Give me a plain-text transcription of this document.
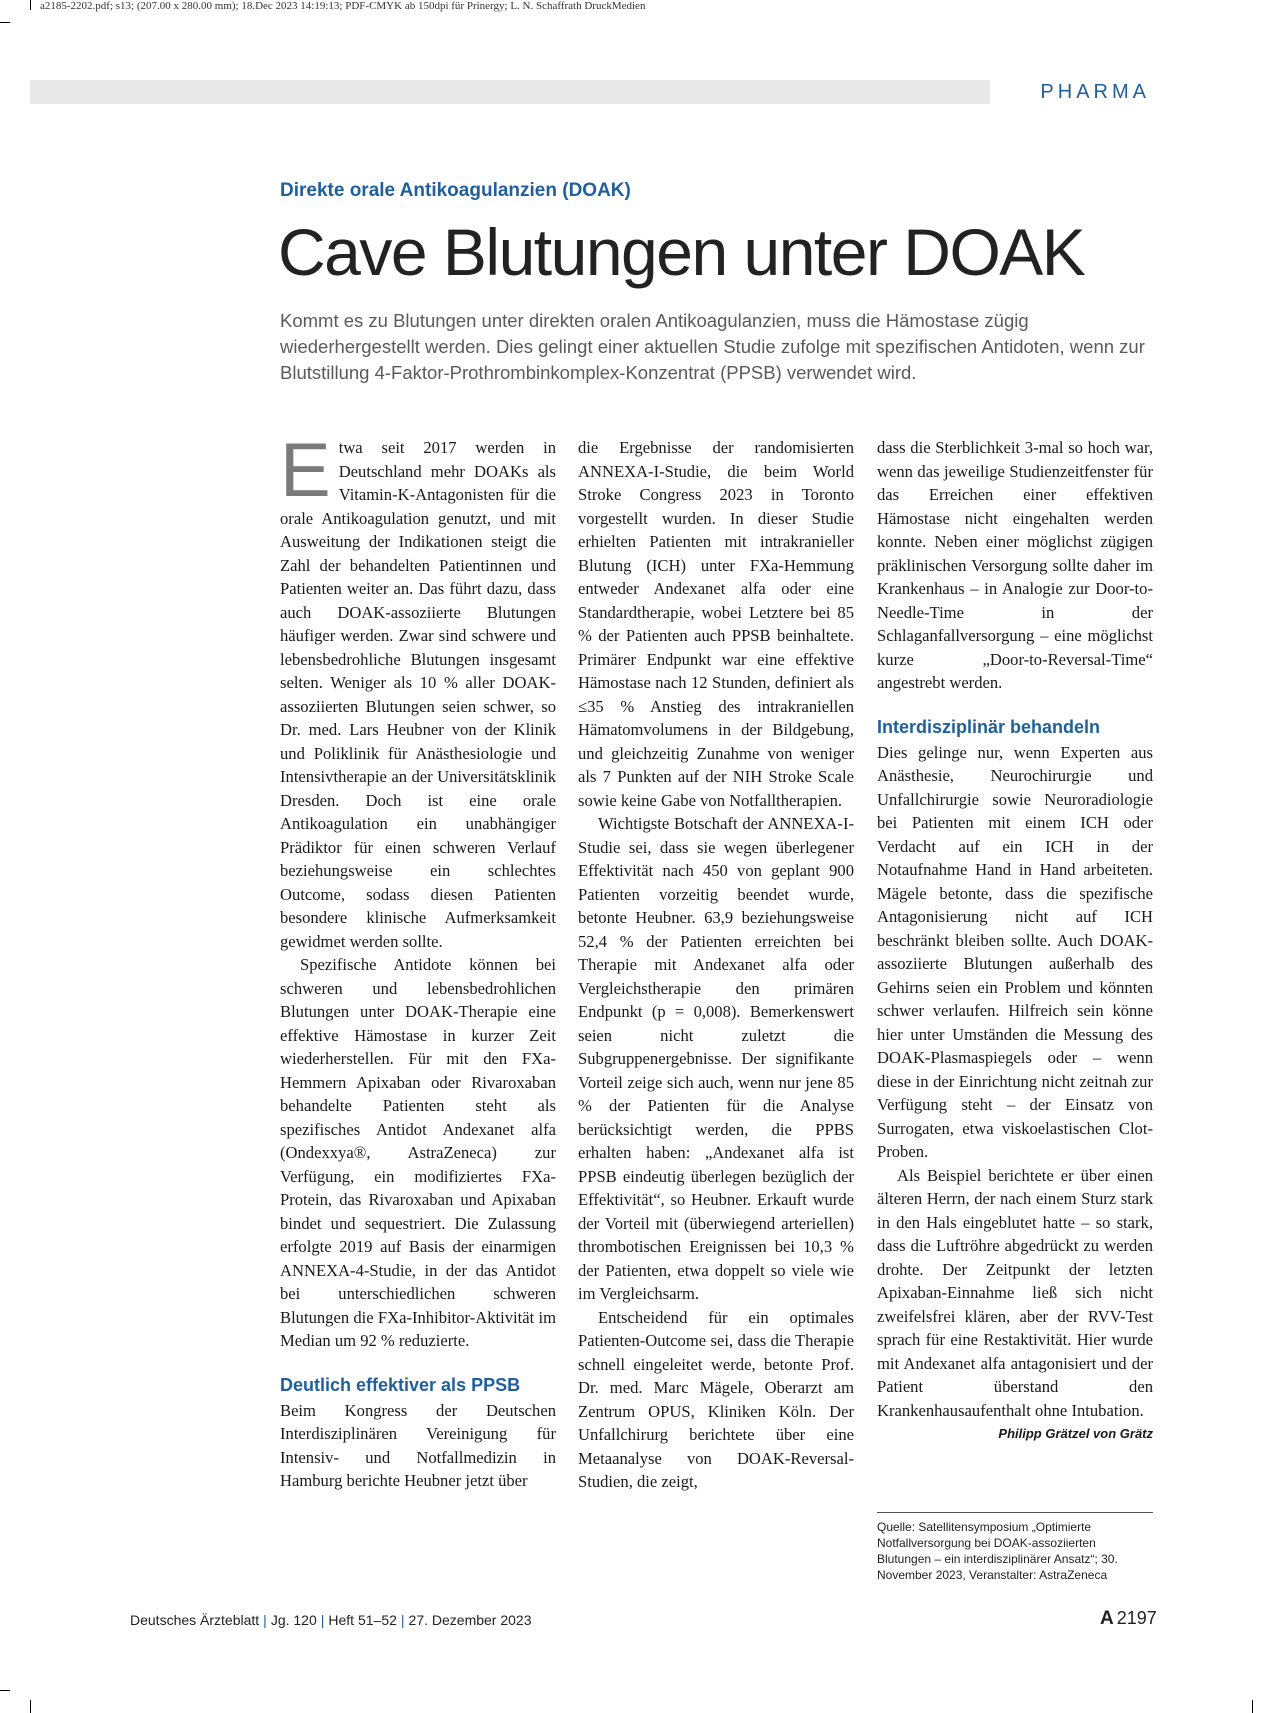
a2185-2202.pdf; s13; (207.00 x 280.00 mm); 18.Dec 2023 14:19:13; PDF-CMYK ab 150dpi für Prinergy; L. N. Schaffrath DruckMedien
PHARMA
Direkte orale Antikoagulanzien (DOAK)
Cave Blutungen unter DOAK
Kommt es zu Blutungen unter direkten oralen Antikoagulanzien, muss die Hämostase zügig wiederhergestellt werden. Dies gelingt einer aktuellen Studie zufolge mit spezifischen Antidoten, wenn zur Blutstillung 4-Faktor-Prothrombinkomplex-Konzentrat (PPSB) verwendet wird.

Etwa seit 2017 werden in Deutschland mehr DOAKs als Vitamin-K-Antagonisten für die orale Antikoagulation genutzt, und mit Ausweitung der Indikationen steigt die Zahl der behandelten Patientinnen und Patienten weiter an. Das führt dazu, dass auch DOAK-assoziierte Blutungen häufiger werden. Zwar sind schwere und lebensbedrohliche Blutungen insgesamt selten. Weniger als 10 % aller DOAK-assoziierten Blutungen seien schwer, so Dr. med. Lars Heubner von der Klinik und Poliklinik für Anästhesiologie und Intensivtherapie an der Universitätsklinik Dresden. Doch ist eine orale Antikoagulation ein unabhängiger Prädiktor für einen schweren Verlauf beziehungsweise ein schlechtes Outcome, sodass diesen Patienten besondere klinische Aufmerksamkeit gewidmet werden sollte.

Spezifische Antidote können bei schweren und lebensbedrohlichen Blutungen unter DOAK-Therapie eine effektive Hämostase in kurzer Zeit wiederherstellen. Für mit den FXa-Hemmern Apixaban oder Rivaroxaban behandelte Patienten steht als spezifisches Antidot Andexanet alfa (Ondexxya®, AstraZeneca) zur Verfügung, ein modifiziertes FXa-Protein, das Rivaroxaban und Apixaban bindet und sequestriert. Die Zulassung erfolgte 2019 auf Basis der einarmigen ANNEXA-4-Studie, in der das Antidot bei unterschiedlichen schweren Blutungen die FXa-Inhibitor-Aktivität im Median um 92 % reduzierte.

Deutlich effektiver als PPSB

Beim Kongress der Deutschen Interdisziplinären Vereinigung für Intensiv- und Notfallmedizin in Hamburg berichte Heubner jetzt über

die Ergebnisse der randomisierten ANNEXA-I-Studie, die beim World Stroke Congress 2023 in Toronto vorgestellt wurden. In dieser Studie erhielten Patienten mit intrakranieller Blutung (ICH) unter FXa-Hemmung entweder Andexanet alfa oder eine Standardtherapie, wobei Letztere bei 85 % der Patienten auch PPSB beinhaltete. Primärer Endpunkt war eine effektive Hämostase nach 12 Stunden, definiert als ≤35 % Anstieg des intrakraniellen Hämatomvolumens in der Bildgebung, und gleichzeitig Zunahme von weniger als 7 Punkten auf der NIH Stroke Scale sowie keine Gabe von Notfalltherapien.

Wichtigste Botschaft der ANNEXA-I-Studie sei, dass sie wegen überlegener Effektivität nach 450 von geplant 900 Patienten vorzeitig beendet wurde, betonte Heubner. 63,9 beziehungsweise 52,4 % der Patienten erreichten bei Therapie mit Andexanet alfa oder Vergleichstherapie den primären Endpunkt (p = 0,008). Bemerkenswert seien nicht zuletzt die Subgruppenergebnisse. Der signifikante Vorteil zeige sich auch, wenn nur jene 85 % der Patienten für die Analyse berücksichtigt werden, die PPBS erhalten haben: „Andexanet alfa ist PPSB eindeutig überlegen bezüglich der Effektivität“, so Heubner. Erkauft wurde der Vorteil mit (überwiegend arteriellen) thrombotischen Ereignissen bei 10,3 % der Patienten, etwa doppelt so viele wie im Vergleichsarm.

Entscheidend für ein optimales Patienten-Outcome sei, dass die Therapie schnell eingeleitet werde, betonte Prof. Dr. med. Marc Mägele, Oberarzt am Zentrum OPUS, Kliniken Köln. Der Unfallchirurg berichtete über eine Metaanalyse von DOAK-Reversal-Studien, die zeigt,

dass die Sterblichkeit 3-mal so hoch war, wenn das jeweilige Studienzeitfenster für das Erreichen einer effektiven Hämostase nicht eingehalten werden konnte. Neben einer möglichst zügigen präklinischen Versorgung sollte daher im Krankenhaus – in Analogie zur Door-to-Needle-Time in der Schlaganfallversorgung – eine möglichst kurze „Door-to-Reversal-Time“ angestrebt werden.

Interdisziplinär behandeln

Dies gelinge nur, wenn Experten aus Anästhesie, Neurochirurgie und Unfallchirurgie sowie Neuroradiologie bei Patienten mit einem ICH oder Verdacht auf ein ICH in der Notaufnahme Hand in Hand arbeiteten. Mägele betonte, dass die spezifische Antagonisierung nicht auf ICH beschränkt bleiben sollte. Auch DOAK-assoziierte Blutungen außerhalb des Gehirns seien ein Problem und könnten schwer verlaufen. Hilfreich sein könne hier unter Umständen die Messung des DOAK-Plasmaspiegels oder – wenn diese in der Einrichtung nicht zeitnah zur Verfügung steht – der Einsatz von Surrogaten, etwa viskoelastischen Clot-Proben.

Als Beispiel berichtete er über einen älteren Herrn, der nach einem Sturz stark in den Hals eingeblutet hatte – so stark, dass die Luftröhre abgedrückt zu werden drohte. Der Zeitpunkt der letzten Apixaban-Einnahme ließ sich nicht zweifelsfrei klären, aber der RVV-Test sprach für eine Restaktivität. Hier wurde mit Andexanet alfa antagonisiert und der Patient überstand den Krankenhausaufenthalt ohne Intubation.
Philipp Grätzel von Grätz

Quelle: Satellitensymposium „Optimierte Notfallversorgung bei DOAK-assoziierten Blutungen – ein interdisziplinärer Ansatz“; 30. November 2023, Veranstalter: AstraZeneca
Deutsches Ärzteblatt | Jg. 120 | Heft 51–52 | 27. Dezember 2023	A 2197
